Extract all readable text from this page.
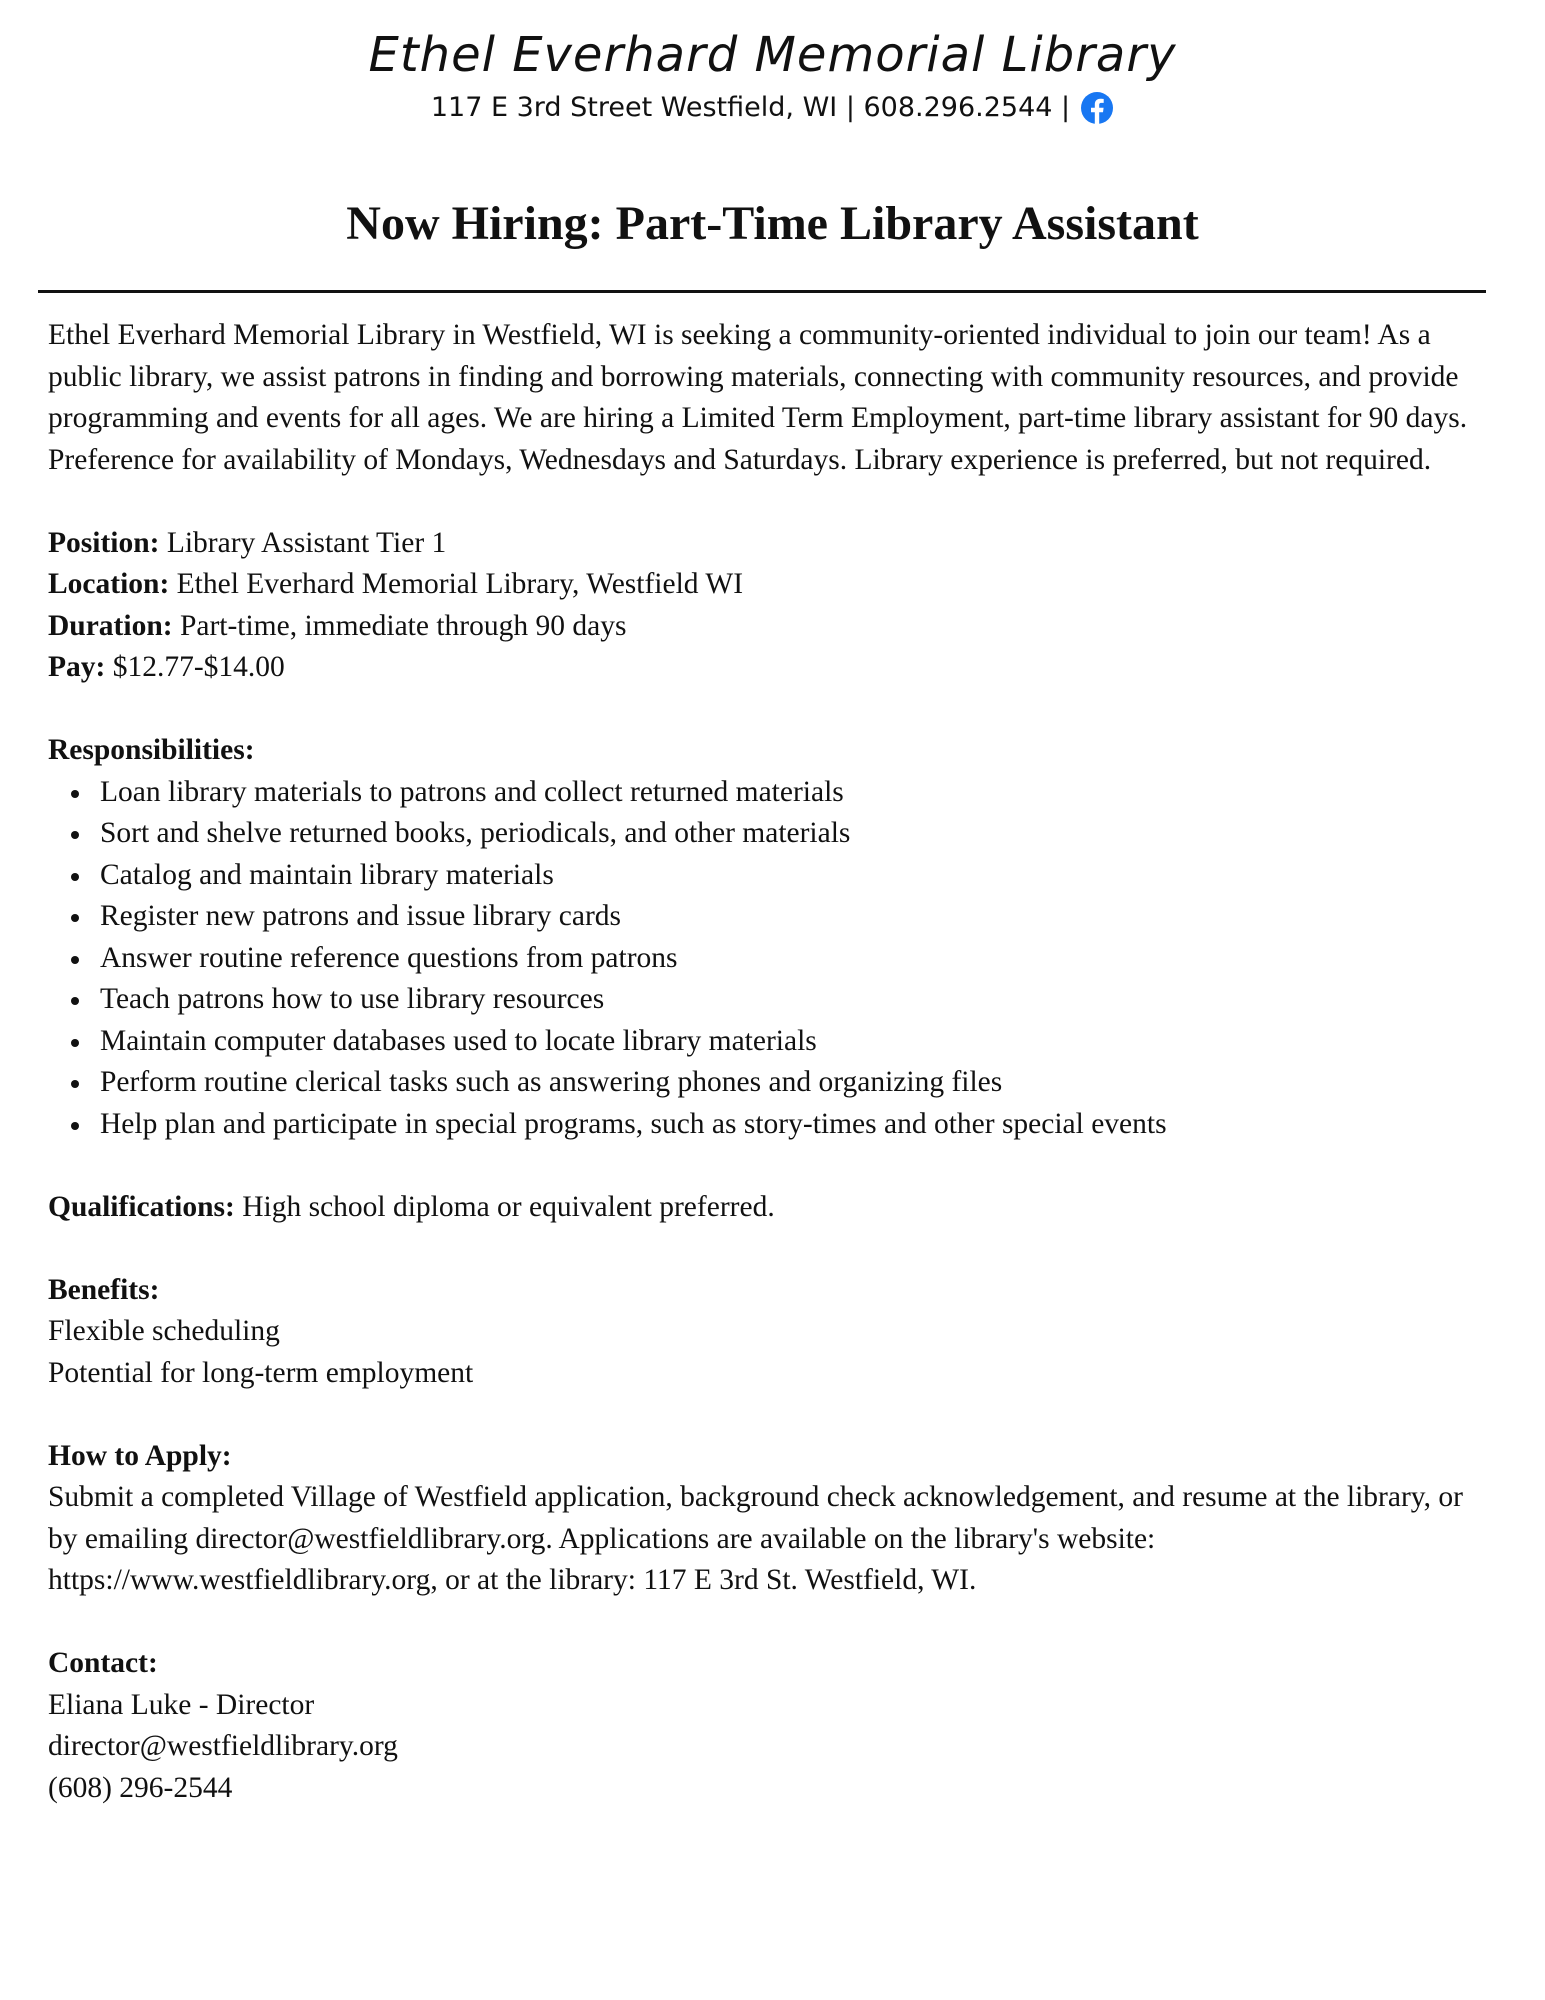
Ethel Everhard Memorial Library
117 E 3rd Street Westfield, WI | 608.296.2544 |
Now Hiring: Part-Time Library Assistant

Ethel Everhard Memorial Library in Westfield, WI is seeking a community-oriented individual to join our team! As a public library, we assist patrons in finding and borrowing materials, connecting with community resources, and provide programming and events for all ages. We are hiring a Limited Term Employment, part-time library assistant for 90 days. Preference for availability of Mondays, Wednesdays and Saturdays. Library experience is preferred, but not required.

Position: Library Assistant Tier 1
Location: Ethel Everhard Memorial Library, Westfield WI
Duration: Part-time, immediate through 90 days
Pay: $12.77-$14.00
Responsibilities:
Loan library materials to patrons and collect returned materials
Sort and shelve returned books, periodicals, and other materials
Catalog and maintain library materials
Register new patrons and issue library cards
Answer routine reference questions from patrons
Teach patrons how to use library resources
Maintain computer databases used to locate library materials
Perform routine clerical tasks such as answering phones and organizing files
Help plan and participate in special programs, such as story-times and other special events

Qualifications: High school diploma or equivalent preferred.

Benefits:
Flexible scheduling
Potential for long-term employment
How to Apply:
Submit a completed Village of Westfield application, background check acknowledgement, and resume at the library, or by emailing director@westfieldlibrary.org. Applications are available on the library's website: https://www.westfieldlibrary.org, or at the library: 117 E 3rd St. Westfield, WI.
Contact:
Eliana Luke - Director
director@westfieldlibrary.org
(608) 296-2544
